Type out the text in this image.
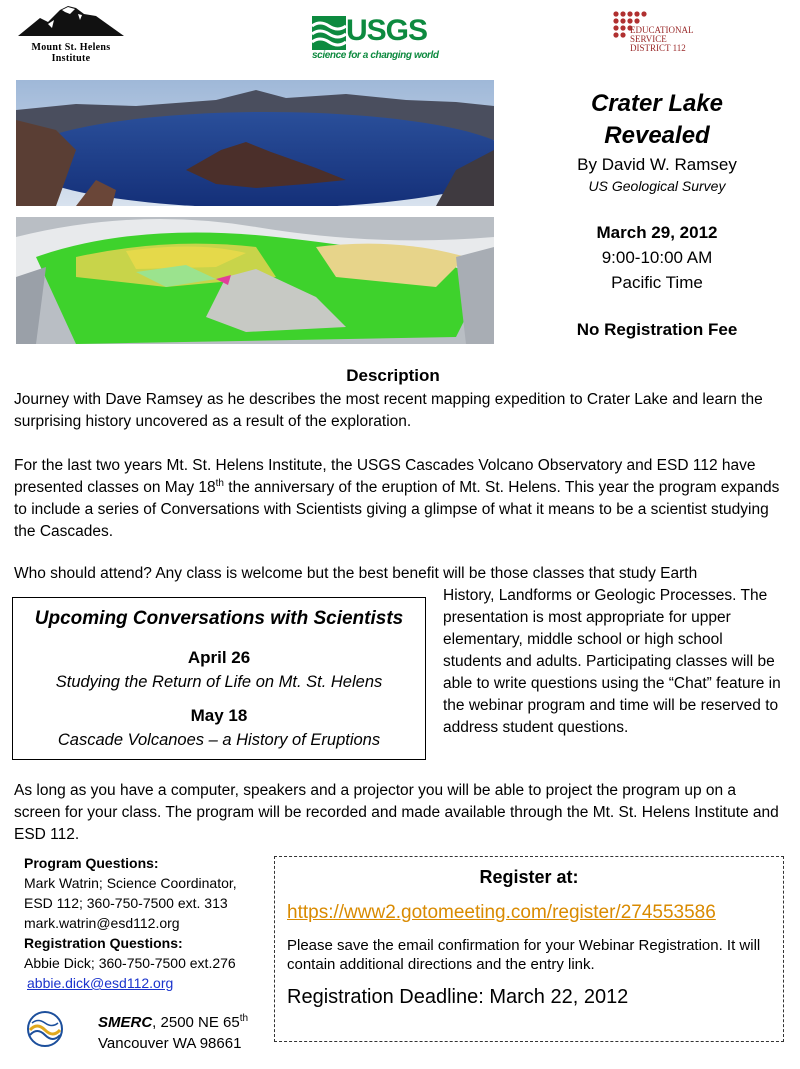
Mount St. Helens Institute
USGS
science for a changing world
EDUCATIONAL
SERVICE
DISTRICT 112
Crater Lake
Revealed
By David W. Ramsey
US Geological Survey
March 29, 2012
9:00-10:00 AM
Pacific Time
No Registration Fee
Description
Journey with Dave Ramsey as he describes the most recent mapping expedition to Crater Lake and learn the surprising history uncovered as a result of the exploration.
For the last two years Mt. St. Helens Institute, the USGS Cascades Volcano Observatory and ESD 112 have presented classes on May 18th the anniversary of the eruption of Mt. St. Helens. This year the program expands to include a series of Conversations with Scientists giving a glimpse of what it means to be a scientist studying the Cascades.
Who should attend? Any class is welcome but the best benefit will be those classes that study Earth
History, Landforms or Geologic Processes. The presentation is most appropriate for upper elementary, middle school or high school students and adults. Participating classes will be able to write questions using the “Chat” feature in the webinar program and time will be reserved to address student questions.
Upcoming Conversations with Scientists
April 26
Studying the Return of Life on Mt. St. Helens
May 18
Cascade Volcanoes – a History of Eruptions
As long as you have a computer, speakers and a projector you will be able to project the program up on a screen for your class. The program will be recorded and made available through the Mt. St. Helens Institute and ESD 112.
Program Questions:
Mark Watrin; Science Coordinator,
ESD 112; 360-750-7500 ext. 313
mark.watrin@esd112.org
Registration Questions:
Abbie Dick; 360-750-7500 ext.276
abbie.dick@esd112.org
SMERC, 2500 NE 65th
Vancouver WA 98661
Register at:
https://www2.gotomeeting.com/register/274553586
Please save the email confirmation for your Webinar Registration. It will contain additional directions and the entry link.
Registration Deadline: March 22, 2012
